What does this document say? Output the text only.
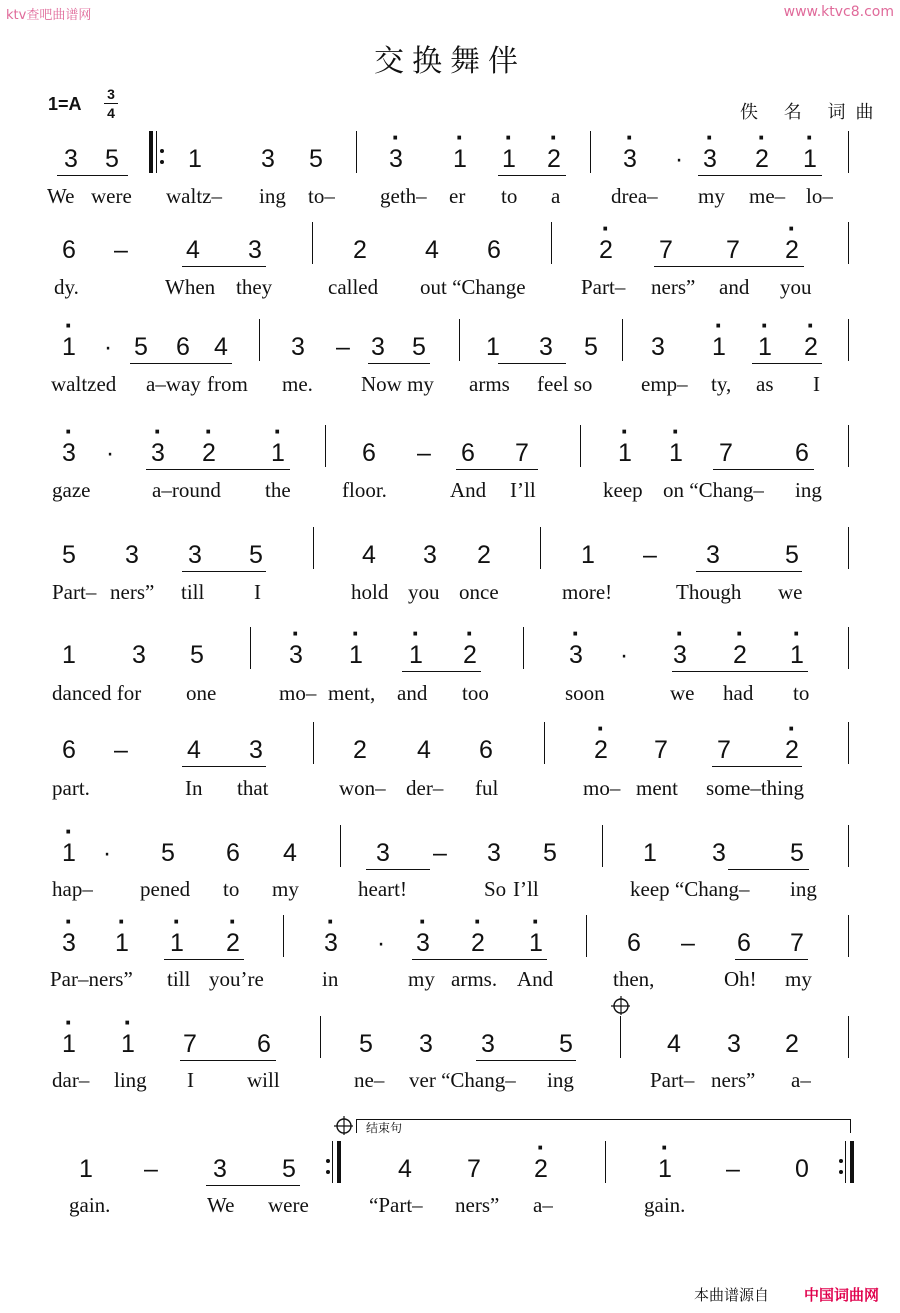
ktv查吧曲谱网	www.ktvc8.com
交换舞伴
1=A 3
4	佚 名 词曲
3 5	1 3 5	· 3 · 1 · 1 · 2 · 3	· · 3 · 2 · 1
6 – 4 3	2 4 6	· 2 7 7 · 2
· 1	· 5 6 4	3 – 3 5 1 3 5 3 · 1 · 1 · 2
· 3	·	· 3 · 2 · 1	6 – 6 7	· 1 · 1 7 6
5 3 3 5	4 3 2	1 – 3	5
1 3 5	· 3 · 1 · 1 · 2	· 3	·	· 3 · 2 · 1
6 – 4 3	2 4 6	· 2 7 7 · 2
· 1	·	5 6 4	3 – 3 5	1 3	5
· 3 · 1 · 1 · 2	· 3	·	· 3 · 2 · 1	6 – 6 7
· 1 · 1 7 6	5 3 3	5	4 3 2
1 – 3 5	4 7 · 2	· 1 – 0
We were waltz– ing to– geth– er to a drea– my me– lo–
dy.	When they	called out “Change	Part– ners” and you
waltzed a–way from me. Now my arms feel so emp– ty, as I
gaze	a–round the floor.	And I’ll	keep on “Chang– ing
Part– ners” till I	hold you once	more!	Though we
danced for one	mo– ment, and too	soon	we had to
part.	In that	won– der– ful	mo– ment some–thing
hap– pened to my	heart!	So I’ll	keep “Chang– ing
Par–ners” till you’re	in	my arms. And	then,	Oh! my
dar– ling I	will	ne– ver “Chang– ing	Part– ners” a–
gain.	We were	“Part– ners” a–	gain.
结束句
本曲谱源自 中国词曲网
